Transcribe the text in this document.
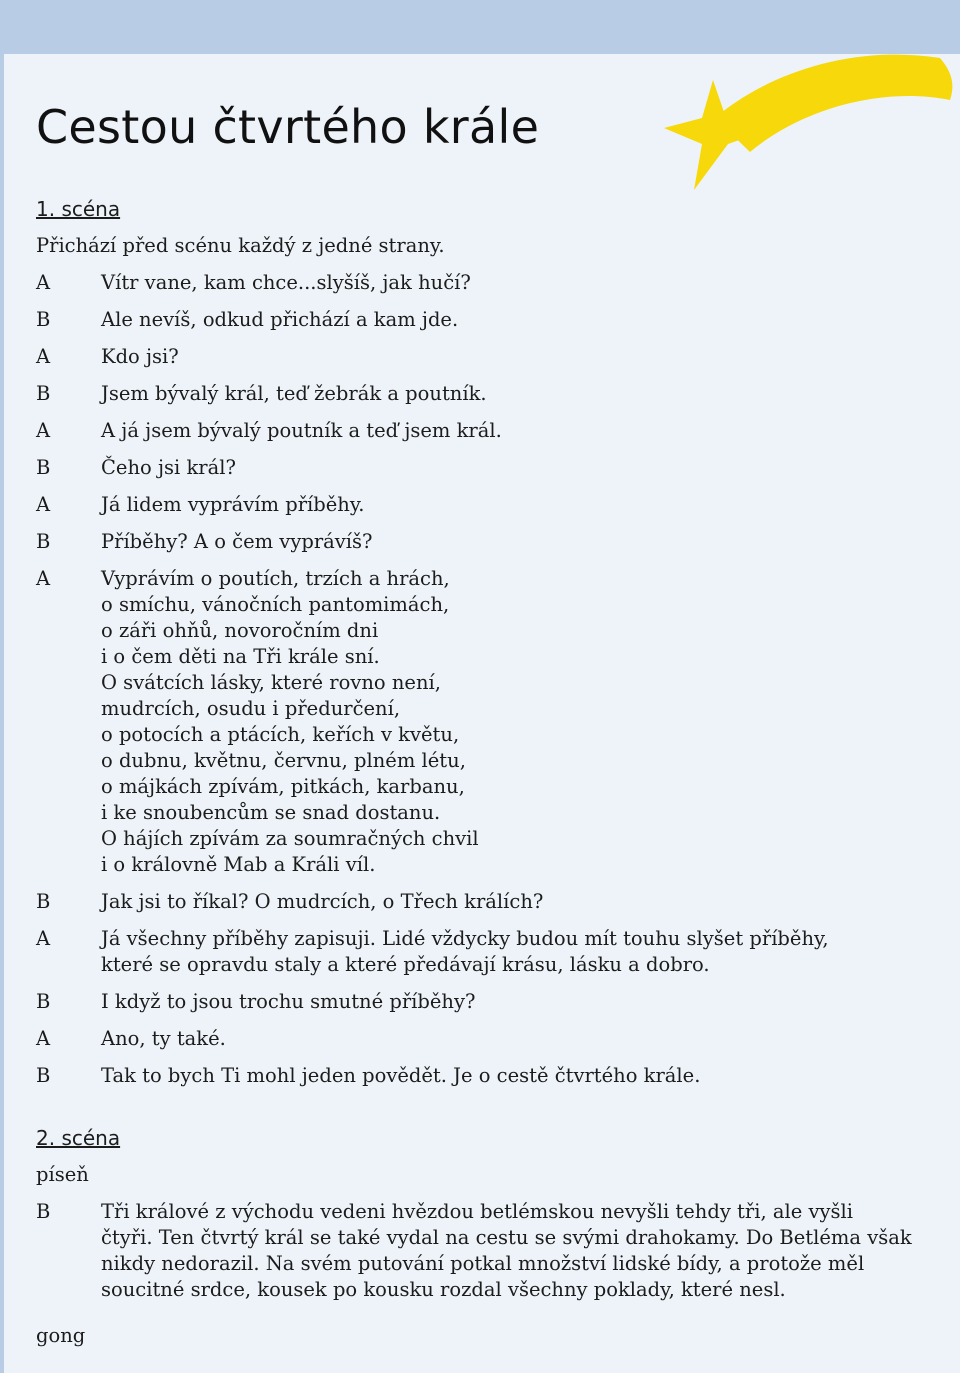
Cestou čtvrtého krále
1. scéna
Přichází před scénu každý z jedné strany.
A	Vítr vane, kam chce...slyšíš, jak hučí?
B	Ale nevíš, odkud přichází a kam jde.
A	Kdo jsi?
B	Jsem bývalý král, teď žebrák a poutník.
A	A já jsem bývalý poutník a teď jsem král.
B	Čeho jsi král?
A	Já lidem vyprávím příběhy.
B	Příběhy? A o čem vyprávíš?
A	Vyprávím o poutích, trzích a hrách,
o smíchu, vánočních pantomimách,
o záři ohňů, novoročním dni
i o čem děti na Tři krále sní.
O svátcích lásky, které rovno není,
mudrcích, osudu i předurčení,
o potocích a ptácích, keřích v květu,
o dubnu, květnu, červnu, plném létu,
o májkách zpívám, pitkách, karbanu,
i ke snoubencům se snad dostanu.
O hájích zpívám za soumračných chvil
i o královně Mab a Králi víl.
B	Jak jsi to říkal? O mudrcích, o Třech králích?
A	Já všechny příběhy zapisuji. Lidé vždycky budou mít touhu slyšet příběhy,
které se opravdu staly a které předávají krásu, lásku a dobro.
B	I když to jsou trochu smutné příběhy?
A	Ano, ty také.
B	Tak to bych Ti mohl jeden povědět. Je o cestě čtvrtého krále.
2. scéna
píseň
B	Tři králové z východu vedeni hvězdou betlémskou nevyšli tehdy tři, ale vyšli
čtyři. Ten čtvrtý král se také vydal na cestu se svými drahokamy. Do Betléma však
nikdy nedorazil. Na svém putování potkal množství lidské bídy, a protože měl
soucitné srdce, kousek po kousku rozdal všechny poklady, které nesl.
gong
